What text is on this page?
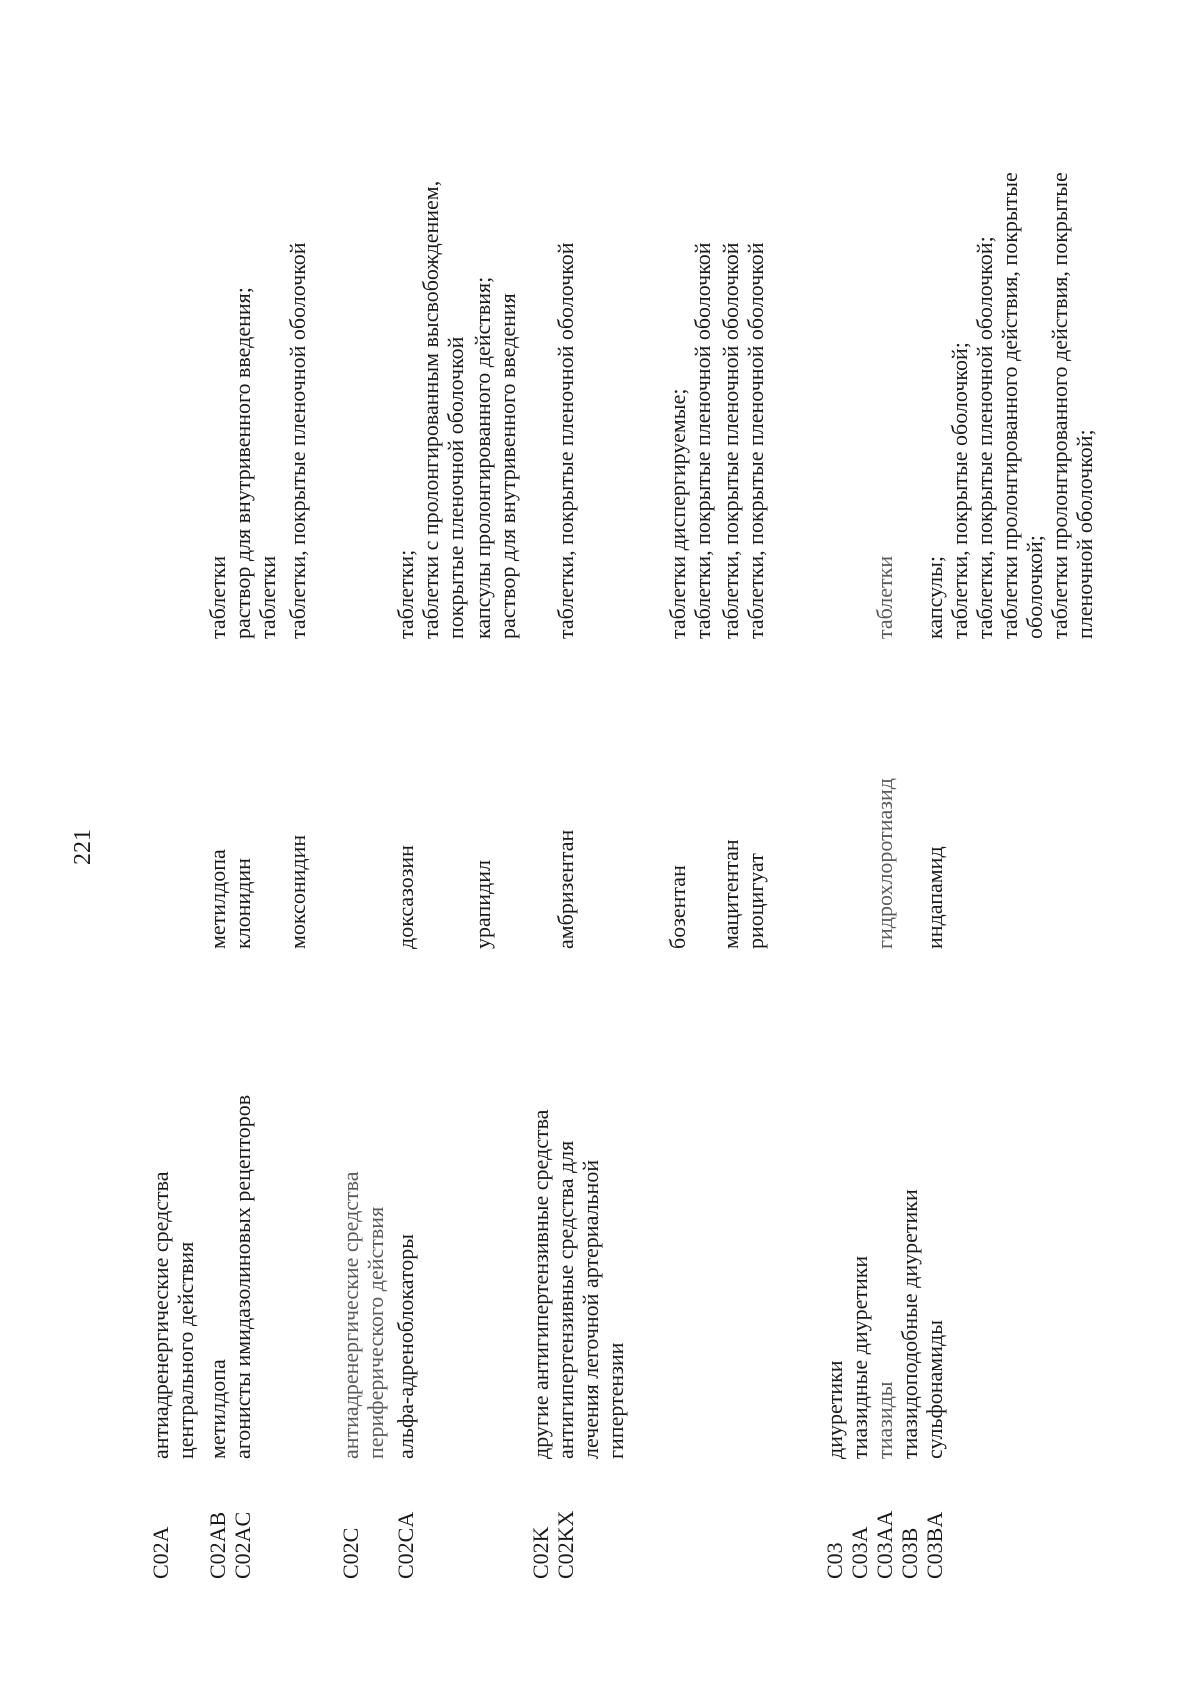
221
C02A
антиадренергические средства центрального действия
C02AB
метилдопа
метилдопа
таблетки
C02AC
агонисты имидазолиновых рецепторов
клонидин
раствор для внутривенного введения; таблетки
моксонидин
таблетки, покрытые пленочной оболочкой
C02C
антиадренергические средства периферического действия
C02CA
альфа-адреноблокаторы
доксазозин
таблетки; таблетки с пролонгированным высвобождением, покрытые пленочной оболочкой
урапидил
капсулы пролонгированного действия; раствор для внутривенного введения
C02K
другие антигипертензивные средства
C02KX
антигипертензивные средства для лечения легочной артериальной гипертензии
амбризентан
таблетки, покрытые пленочной оболочкой
бозентан
таблетки диспергируемые; таблетки, покрытые пленочной оболочкой
мацитентан
таблетки, покрытые пленочной оболочкой
риоцигуат
таблетки, покрытые пленочной оболочкой
C03
диуретики
C03A
тиазидные диуретики
C03AA
тиазиды
гидрохлоротиазид
таблетки
C03B
тиазидоподобные диуретики
C03BA
сульфонамиды
индапамид
капсулы; таблетки, покрытые оболочкой; таблетки, покрытые пленочной оболочкой; таблетки пролонгированного действия, покрытые оболочкой; таблетки пролонгированного действия, покрытые пленочной оболочкой;
